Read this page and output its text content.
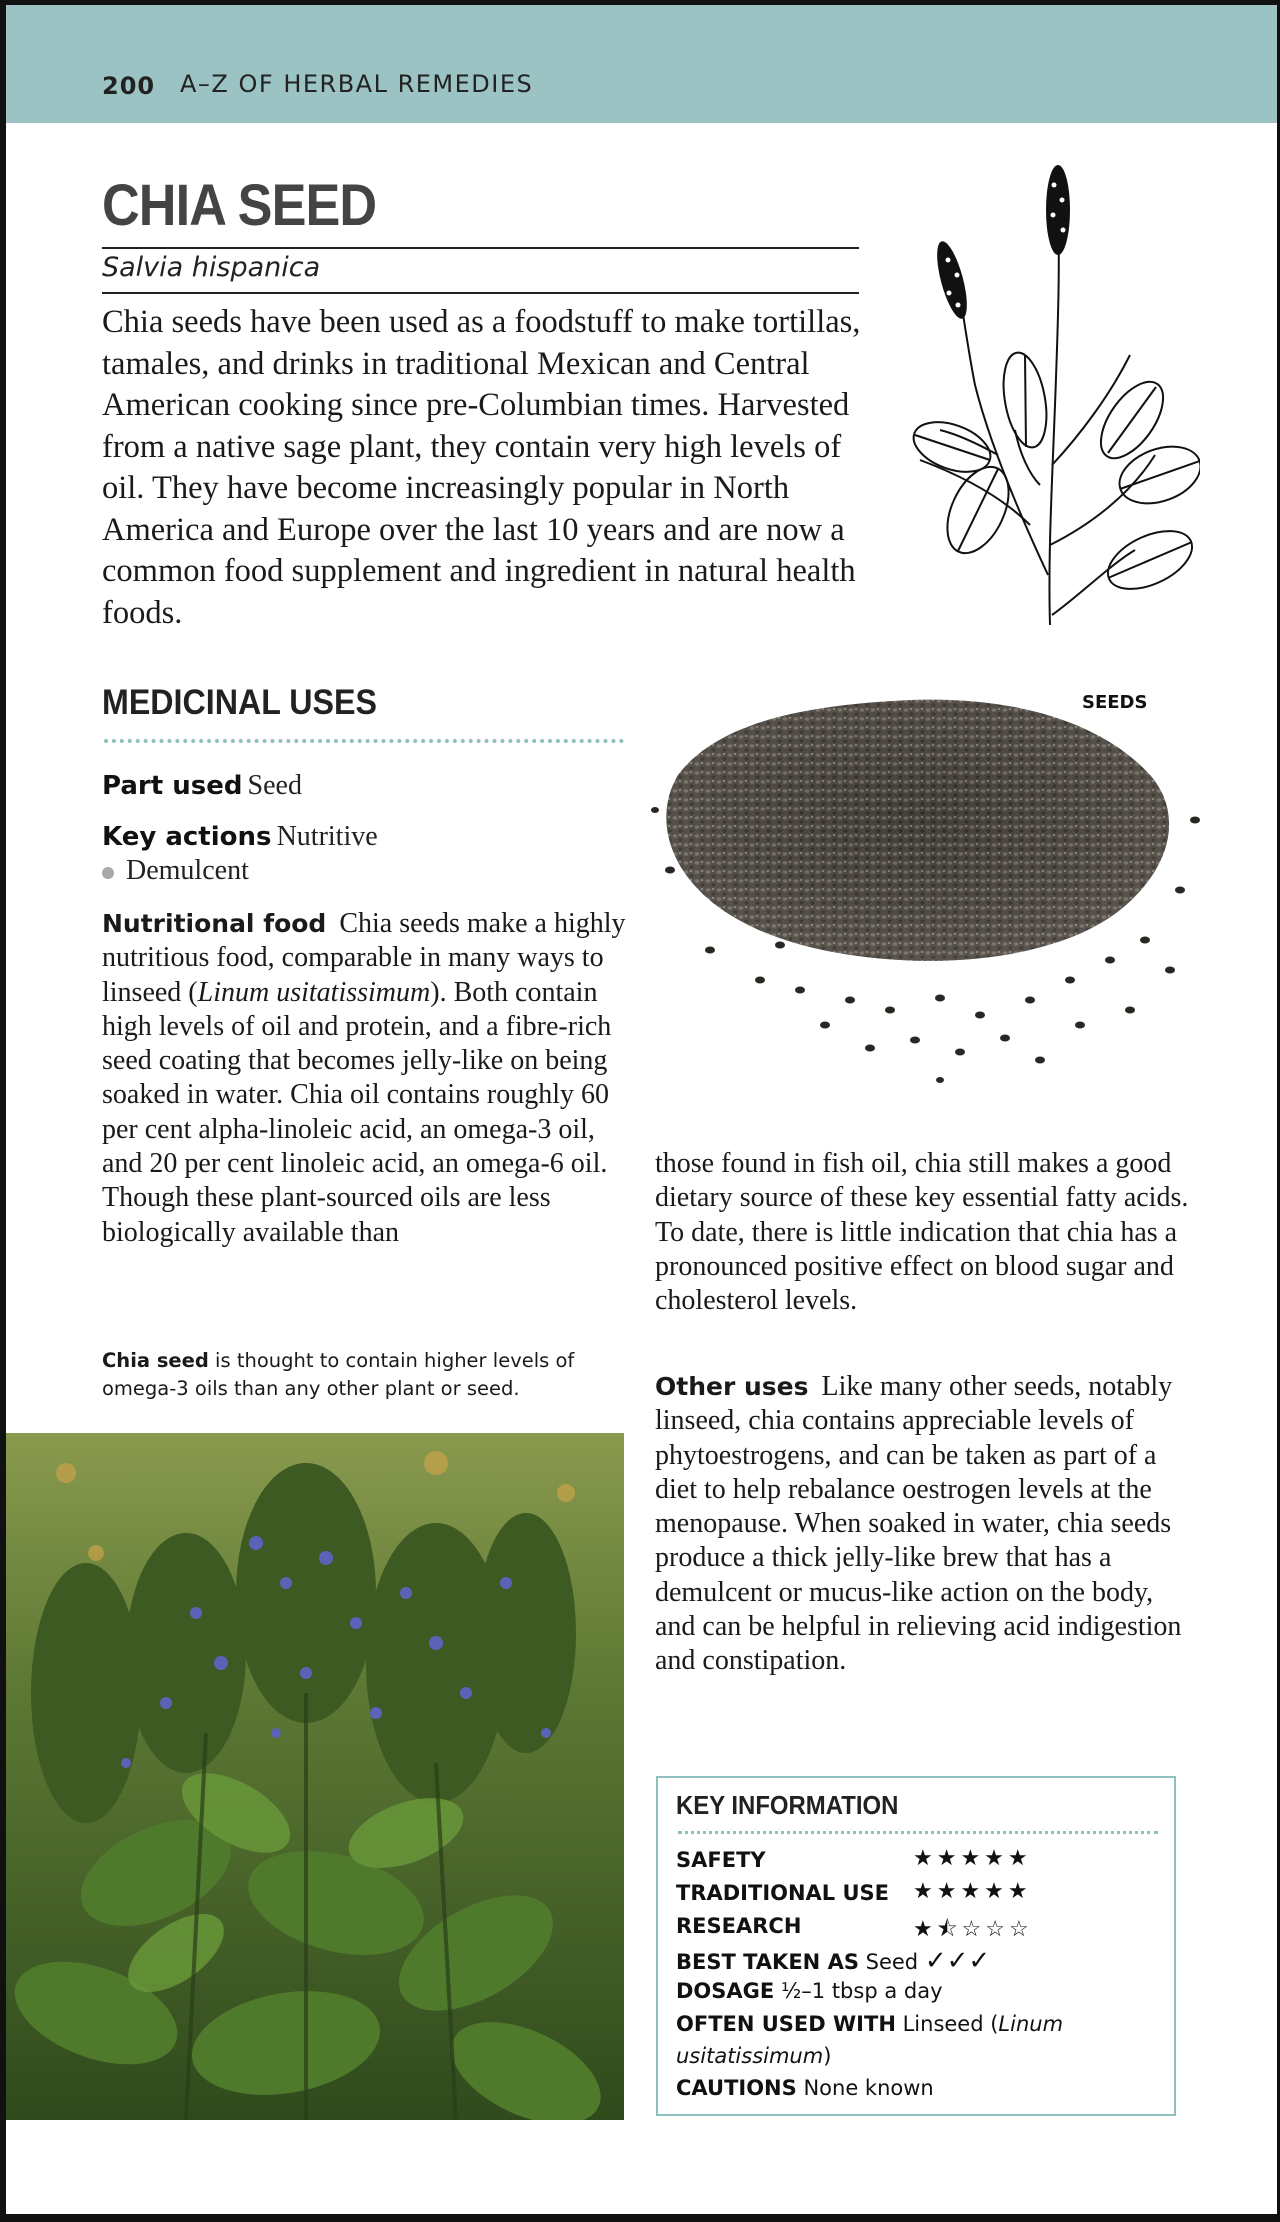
200 A–Z OF HERBAL REMEDIES
CHIA SEED
Salvia hispanica
Chia seeds have been used as a foodstuff to make tortillas, tamales, and drinks in traditional Mexican and Central American cooking since pre-Columbian times. Harvested from a native sage plant, they contain very high levels of oil. They have become increasingly popular in North America and Europe over the last 10 years and are now a common food supplement and ingredient in natural health foods.
MEDICINAL USES	SEEDS
Part used Seed
Key actions Nutritive
Demulcent
Nutritional food Chia seeds make a highly nutritious food, comparable in many ways to linseed (Linum usitatissimum). Both contain high levels of oil and protein, and a fibre-rich seed coating that becomes jelly-like on being soaked in water. Chia oil contains roughly 60 per cent alpha-linoleic acid, an omega-3 oil, and 20 per cent linoleic acid, an omega-6 oil. Though these plant-sourced oils are less biologically available than
those found in fish oil, chia still makes a good dietary source of these key essential fatty acids. To date, there is little indication that chia has a pronounced positive effect on blood sugar and cholesterol levels.
Other uses Like many other seeds, notably linseed, chia contains appreciable levels of phytoestrogens, and can be taken as part of a diet to help rebalance oestrogen levels at the menopause. When soaked in water, chia seeds produce a thick jelly-like brew that has a demulcent or mucus-like action on the body, and can be helpful in relieving acid indigestion and constipation.
Chia seed is thought to contain higher levels of omega-3 oils than any other plant or seed.
KEY INFORMATION
SAFETY	★★★★★
TRADITIONAL USE ★★★★★
RESEARCH	★⯪☆☆☆
BEST TAKEN AS Seed ✓✓✓
DOSAGE ½–1 tbsp a day
OFTEN USED WITH Linseed (Linum usitatissimum)
CAUTIONS None known
